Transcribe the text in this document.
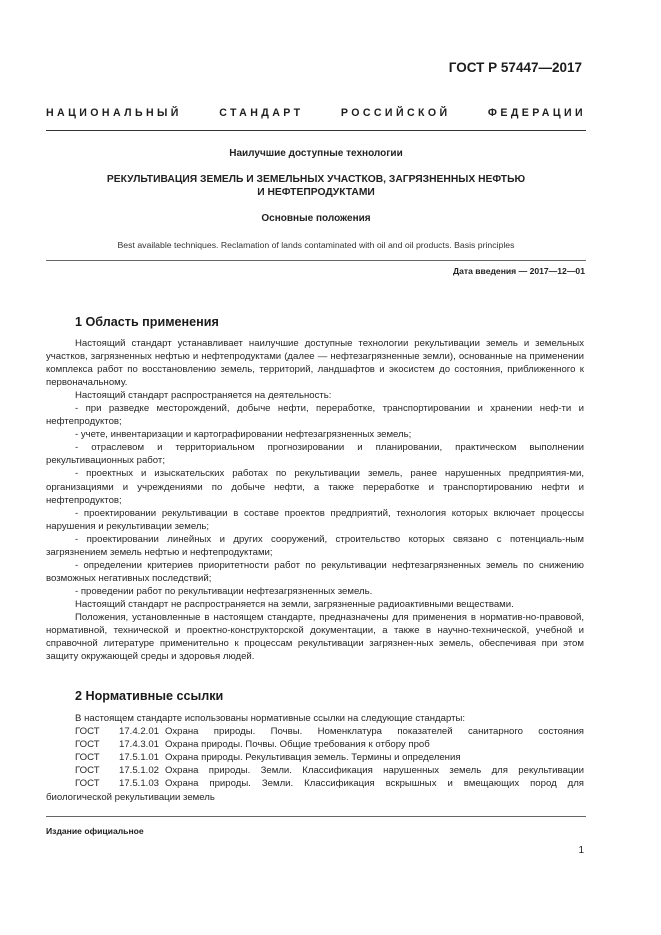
ГОСТ Р 57447—2017
НАЦИОНАЛЬНЫЙ СТАНДАРТ РОССИЙСКОЙ ФЕДЕРАЦИИ
Наилучшие доступные технологии
РЕКУЛЬТИВАЦИЯ ЗЕМЕЛЬ И ЗЕМЕЛЬНЫХ УЧАСТКОВ, ЗАГРЯЗНЕННЫХ НЕФТЬЮ
И НЕФТЕПРОДУКТАМИ
Основные положения
Best available techniques. Reclamation of lands contaminated with oil and oil products. Basis principles
Дата введения — 2017—12—01
1 Область применения

Настоящий стандарт устанавливает наилучшие доступные технологии рекультивации земель и земельных участков, загрязненных нефтью и нефтепродуктами (далее — нефтезагрязненные земли), основанные на применении комплекса работ по восстановлению земель, территорий, ландшафтов и экосистем до состояния, приближенного к первоначальному.

Настоящий стандарт распространяется на деятельность:

- при разведке месторождений, добыче нефти, переработке, транспортировании и хранении неф-ти и нефтепродуктов;

- учете, инвентаризации и картографировании нефтезагрязненных земель;

- отраслевом и территориальном прогнозировании и планировании, практическом выполнении рекультивационных работ;

- проектных и изыскательских работах по рекультивации земель, ранее нарушенных предприятия-ми, организациями и учреждениями по добыче нефти, а также переработке и транспортированию нефти и нефтепродуктов;

- проектировании рекультивации в составе проектов предприятий, технология которых включает процессы нарушения и рекультивации земель;

- проектировании линейных и других сооружений, строительство которых связано с потенциаль-ным загрязнением земель нефтью и нефтепродуктами;

- определении критериев приоритетности работ по рекультивации нефтезагрязненных земель по снижению возможных негативных последствий;

- проведении работ по рекультивации нефтезагрязненных земель.

Настоящий стандарт не распространяется на земли, загрязненные радиоактивными веществами.

Положения, установленные в настоящем стандарте, предназначены для применения в норматив-но-правовой, нормативной, технической и проектно-конструкторской документации, а также в научно-технической, учебной и справочной литературе применительно к процессам рекультивации загрязнен-ных земель, обеспечивая при этом защиту окружающей среды и здоровья людей.

2 Нормативные ссылки

В настоящем стандарте использованы нормативные ссылки на следующие стандарты:

ГОСТ 17.4.2.01 Охрана природы. Почвы. Номенклатура показателей санитарного состояния
ГОСТ 17.4.3.01 Охрана природы. Почвы. Общие требования к отбору проб
ГОСТ 17.5.1.01 Охрана природы. Рекультивация земель. Термины и определения
ГОСТ 17.5.1.02 Охрана природы. Земли. Классификация нарушенных земель для рекультивации
ГОСТ 17.5.1.03 Охрана природы. Земли. Классификация вскрышных и вмещающих пород для
биологической рекультивации земель
Издание официальное
1
